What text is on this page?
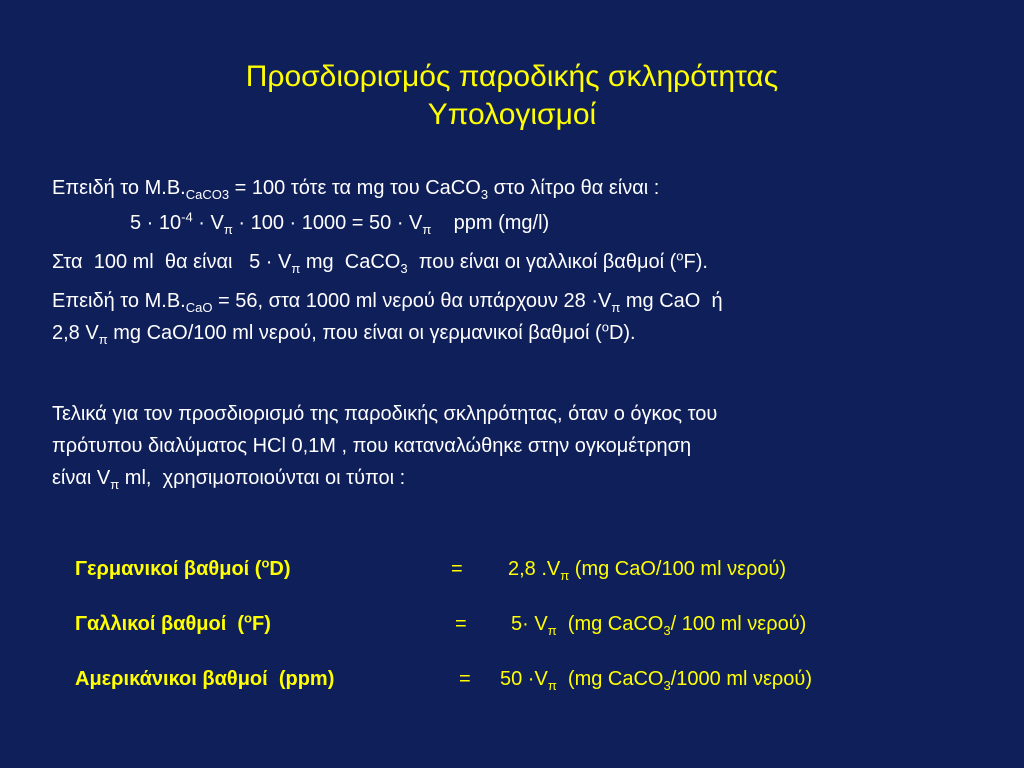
Προσδιορισμός παροδικής σκληρότητας
Υπολογισμοί
Επειδή το $M.B._{CaCO3} = 100$ τότε τα mg του CaCO$_3$ στο λίτρο θα είναι :
$5 \cdot 10^{-4} \cdot V_\pi \cdot 100 \cdot 1000 = 50 \cdot V_\pi$    ppm (mg/l)
Στα  100 ml  θα είναι   $5 \cdot V_\pi$ mg  CaCO$_3$  που είναι οι γαλλικοί βαθμοί ($^o$F).
Επειδή το $M.B._{CaO} = 56$, στα 1000 ml νερού θα υπάρχουν $28 \cdot V_\pi$ mg CaO  ή
2,8 $V_\pi$ mg CaO/100 ml νερού, που είναι οι γερμανικοί βαθμοί ($^o$D).
Τελικά για τον προσδιορισμό της παροδικής σκληρότητας, όταν ο όγκος του
πρότυπου διαλύματος HCl 0,1M , που καταναλώθηκε στην ογκομέτρηση
είναι $V_\pi$ ml,  χρησιμοποιούνται οι τύποι :
Γερμανικοί βαθμοί ($^o$D)	= 2,8 $.V_\pi$ (mg CaO/100 ml νερού)
Γαλλικοί βαθμοί  ($^o$F)	= $5\cdot V_\pi$  (mg CaCO$_3$/ 100 ml νερού)
Αμερικάνικοι βαθμοί  (ppm)	= $50 \cdot V_\pi$  (mg CaCO$_3$/1000 ml νερού)
